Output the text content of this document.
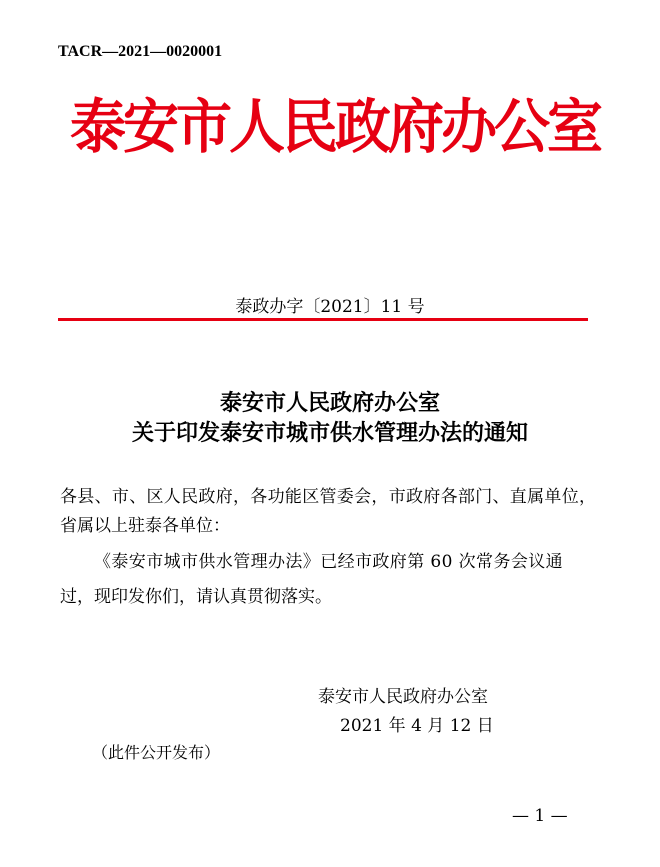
TACR—2021—0020001
泰安市人民政府办公室
泰政办字〔2021〕11 号
泰安市人民政府办公室
关于印发泰安市城市供水管理办法的通知
各县、市、区人民政府，各功能区管委会，市政府各部门、直属单位，
省属以上驻泰各单位：
《泰安市城市供水管理办法》已经市政府第 60 次常务会议通
过，现印发你们，请认真贯彻落实。
泰安市人民政府办公室
2021 年 4 月 12 日
（此件公开发布）
— 1 —
